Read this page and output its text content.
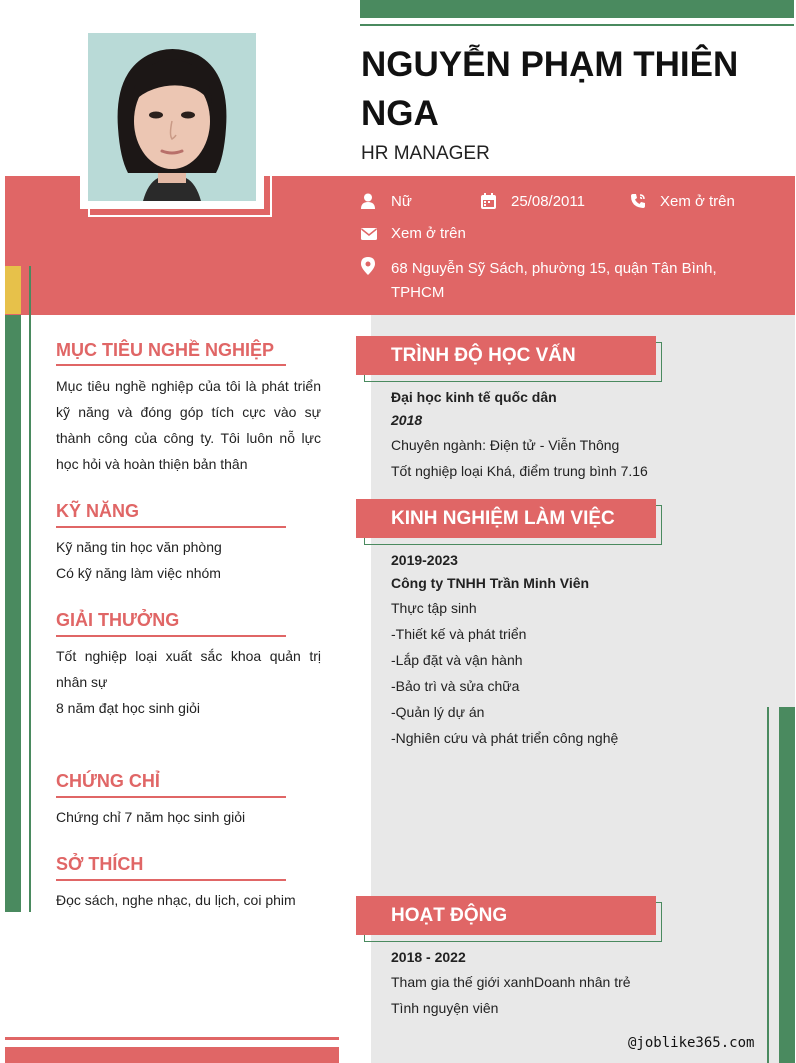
NGUYỄN PHẠM THIÊN NGA
HR MANAGER
Nữ	25/08/2011	Xem ở trên
Xem ở trên
68 Nguyễn Sỹ Sách, phường 15, quận Tân Bình, TPHCM
MỤC TIÊU NGHỀ NGHIỆP
Mục tiêu nghề nghiệp của tôi là phát triển kỹ năng và đóng góp tích cực vào sự thành công của công ty. Tôi luôn nỗ lực học hỏi và hoàn thiện bản thân
KỸ NĂNG
Kỹ năng tin học văn phòng
Có kỹ năng làm việc nhóm
GIẢI THƯỞNG
Tốt nghiệp loại xuất sắc khoa quản trị nhân sự
8 năm đạt học sinh giỏi
CHỨNG CHỈ
Chứng chỉ 7 năm học sinh giỏi
SỞ THÍCH
Đọc sách, nghe nhạc, du lịch, coi phim
TRÌNH ĐỘ HỌC VẤN
Đại học kinh tế quốc dân
2018
Chuyên ngành: Điện tử - Viễn Thông
Tốt nghiệp loại Khá, điểm trung bình 7.16
KINH NGHIỆM LÀM VIỆC
2019-2023
Công ty TNHH Trần Minh Viên
Thực tập sinh
-Thiết kế và phát triển
-Lắp đặt và vận hành
-Bảo trì và sửa chữa
-Quản lý dự án
-Nghiên cứu và phát triển công nghệ
HOẠT ĐỘNG
2018 - 2022
Tham gia thế giới xanhDoanh nhân trẻ
Tình nguyện viên
@joblike365.com
